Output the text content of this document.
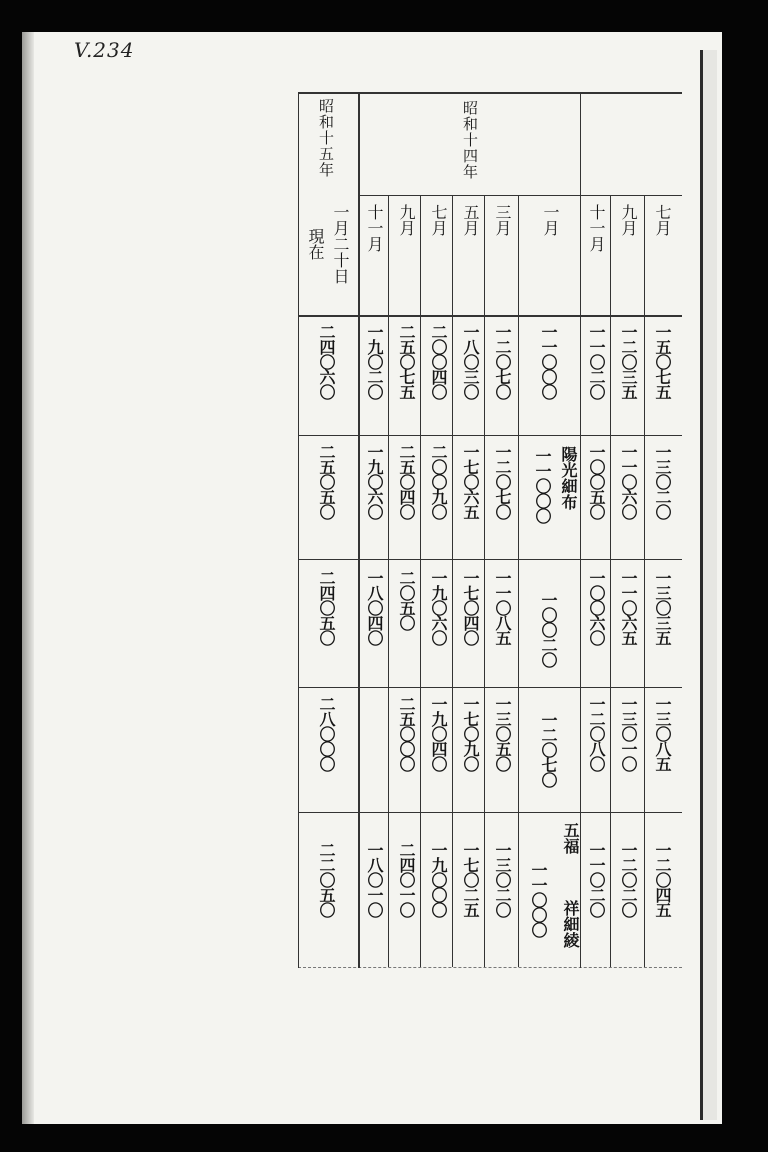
V.234
昭和十五年	昭和十四年
一月二十日
現在
七月
九月
十一月
一月
三月
五月
七月
九月
十一月
陽光細布
五福
祥細綾
一五〇七五
一二〇三五
一一〇二〇
一一〇〇〇
一二〇七〇
一八〇三〇
二〇〇四〇
二五〇七五
一九〇二〇
二四〇六〇
一三〇二〇
一一〇六〇
一〇〇五〇
一一〇〇〇
一二〇七〇
一七〇六五
二〇〇九〇
二五〇四〇
一九〇六〇
二五〇五〇
一三〇三五
一一〇六五
一〇〇六〇
一〇〇二〇
一一〇八五
一七〇四〇
一九〇六〇
二〇五〇
一八〇四〇
二四〇五〇
一三〇八五
一三〇一〇
一二〇八〇
一二〇七〇
一三〇五〇
一七〇九〇
一九〇四〇
二五〇〇〇
二八〇〇〇
一二〇四五
一二〇二〇
一一〇二〇
一一〇〇〇
一三〇二〇
一七〇二五
一九〇〇〇
二四〇一〇
一八〇一〇
二二〇五〇
